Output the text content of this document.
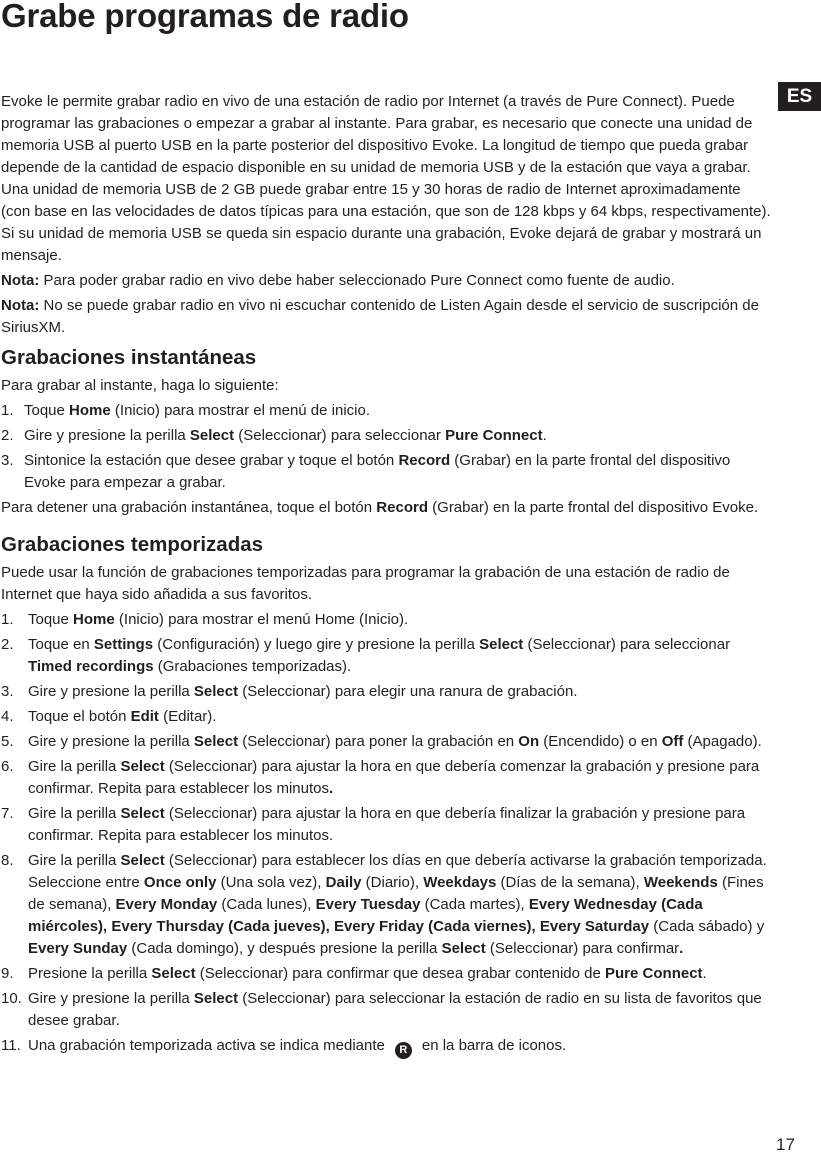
Grabe programas de radio
ES

Evoke le permite grabar radio en vivo de una estación de radio por Internet (a través de Pure Connect). Puede programar las grabaciones o empezar a grabar al instante. Para grabar, es necesario que conecte una unidad de memoria USB al puerto USB en la parte posterior del dispositivo Evoke. La longitud de tiempo que pueda grabar depende de la cantidad de espacio disponible en su unidad de memoria USB y de la estación que vaya a grabar. Una unidad de memoria USB de 2 GB puede grabar entre 15 y 30 horas de radio de Internet aproximadamente (con base en las velocidades de datos típicas para una estación, que son de 128 kbps y 64 kbps, respectivamente). Si su unidad de memoria USB se queda sin espacio durante una grabación, Evoke dejará de grabar y mostrará un mensaje.

Nota: Para poder grabar radio en vivo debe haber seleccionado Pure Connect como fuente de audio.

Nota: No se puede grabar radio en vivo ni escuchar contenido de Listen Again desde el servicio de suscripción de SiriusXM.

Grabaciones instantáneas

Para grabar al instante, haga lo siguiente:

1. Toque Home (Inicio) para mostrar el menú de inicio.
2. Gire y presione la perilla Select (Seleccionar) para seleccionar Pure Connect.
3. Sintonice la estación que desee grabar y toque el botón Record (Grabar) en la parte frontal del dispositivo Evoke para empezar a grabar.

Para detener una grabación instantánea, toque el botón Record (Grabar) en la parte frontal del dispositivo Evoke.

Grabaciones temporizadas

Puede usar la función de grabaciones temporizadas para programar la grabación de una estación de radio de Internet que haya sido añadida a sus favoritos.

1. Toque Home (Inicio) para mostrar el menú Home (Inicio).
2. Toque en Settings (Configuración) y luego gire y presione la perilla Select (Seleccionar) para seleccionar Timed recordings (Grabaciones temporizadas).
3. Gire y presione la perilla Select (Seleccionar) para elegir una ranura de grabación.
4. Toque el botón Edit (Editar).
5. Gire y presione la perilla Select (Seleccionar) para poner la grabación en On (Encendido) o en Off (Apagado).
6. Gire la perilla Select (Seleccionar) para ajustar la hora en que debería comenzar la grabación y presione para confirmar. Repita para establecer los minutos.
7. Gire la perilla Select (Seleccionar) para ajustar la hora en que debería finalizar la grabación y presione para confirmar. Repita para establecer los minutos.
8. Gire la perilla Select (Seleccionar) para establecer los días en que debería activarse la grabación temporizada. Seleccione entre Once only (Una sola vez), Daily (Diario), Weekdays (Días de la semana), Weekends (Fines de semana), Every Monday (Cada lunes), Every Tuesday (Cada martes), Every Wednesday (Cada miércoles), Every Thursday (Cada jueves), Every Friday (Cada viernes), Every Saturday (Cada sábado) y Every Sunday (Cada domingo), y después presione la perilla Select (Seleccionar) para confirmar.
9. Presione la perilla Select (Seleccionar) para confirmar que desea grabar contenido de Pure Connect.
10. Gire y presione la perilla Select (Seleccionar) para seleccionar la estación de radio en su lista de favoritos que desee grabar.
11. Una grabación temporizada activa se indica mediante R en la barra de iconos.
17
